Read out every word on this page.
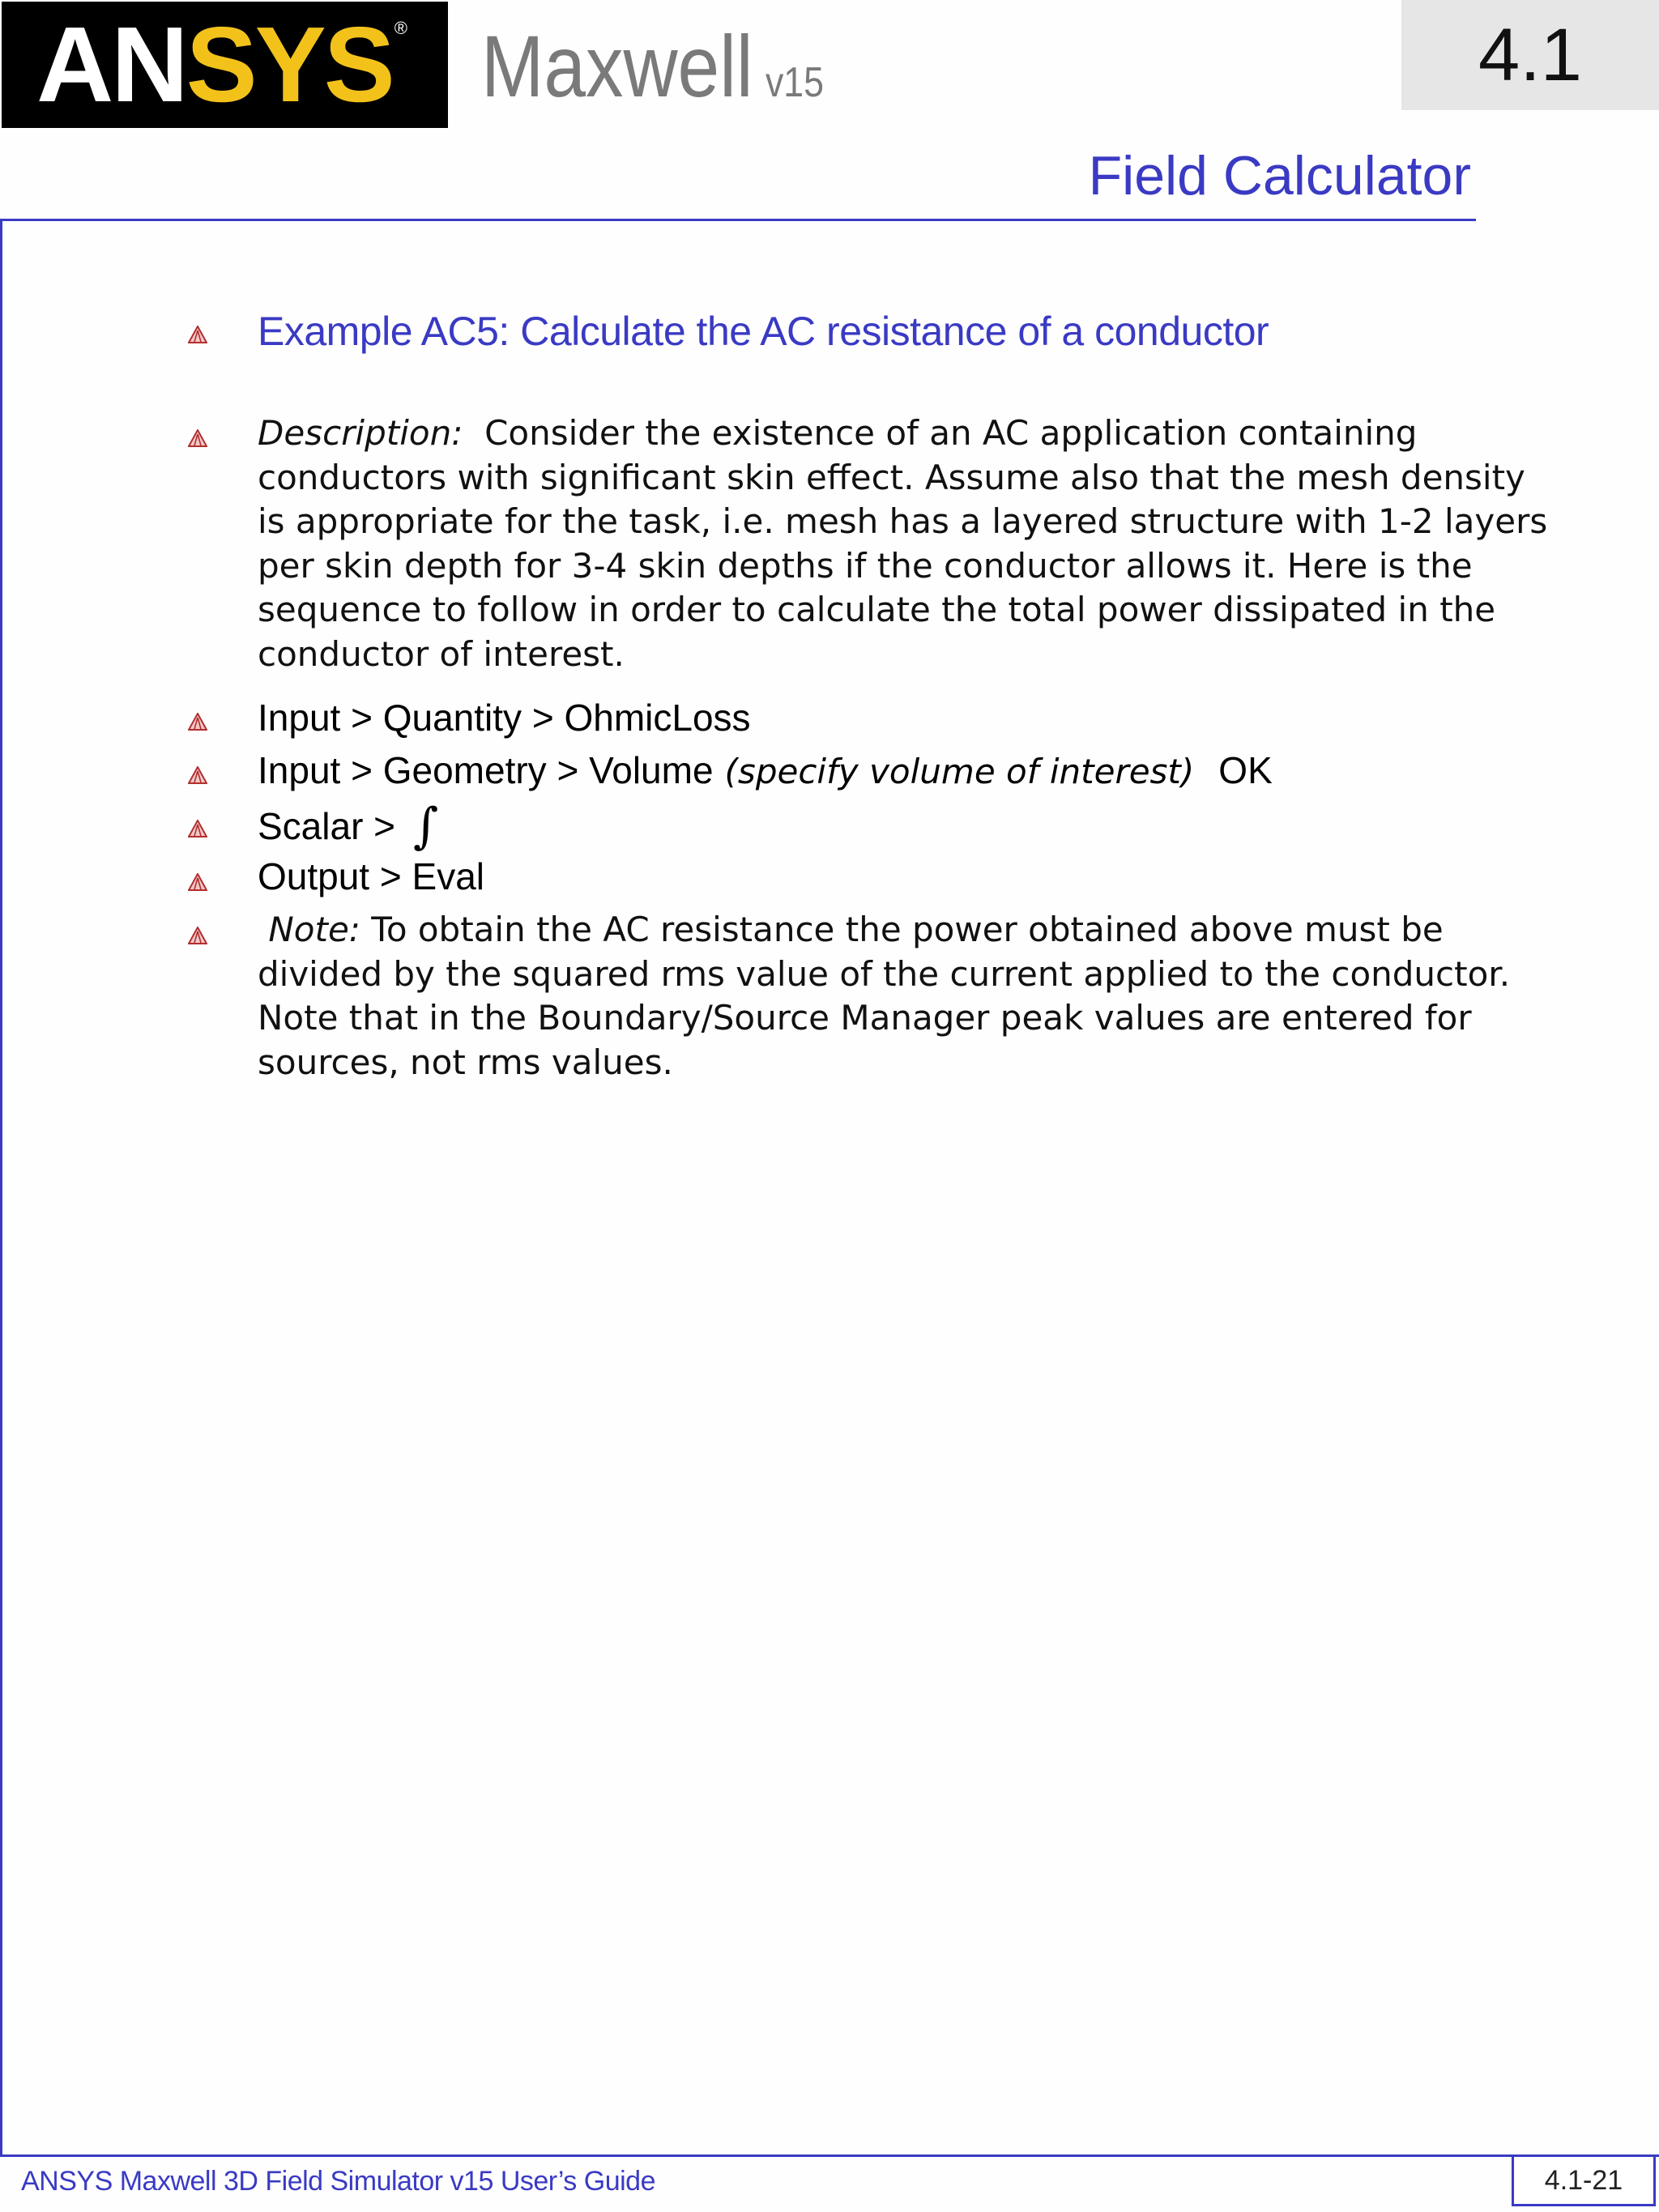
AN SYS ® Maxwell v15	4.1
Field Calculator
Example AC5: Calculate the AC resistance of a conductor
Description: Consider the existence of an AC application containing conductors with significant skin effect. Assume also that the mesh density is appropriate for the task, i.e. mesh has a layered structure with 1-2 layers per skin depth for 3-4 skin depths if the conductor allows it. Here is the sequence to follow in order to calculate the total power dissipated in the conductor of interest.
Input > Quantity > OhmicLoss
Input > Geometry > Volume (specify volume of interest) OK
Scalar > ∫
Output > Eval
Note: To obtain the AC resistance the power obtained above must be divided by the squared rms value of the current applied to the conductor. Note that in the Boundary/Source Manager peak values are entered for sources, not rms values.
ANSYS Maxwell 3D Field Simulator v15 User’s Guide	4.1-21
